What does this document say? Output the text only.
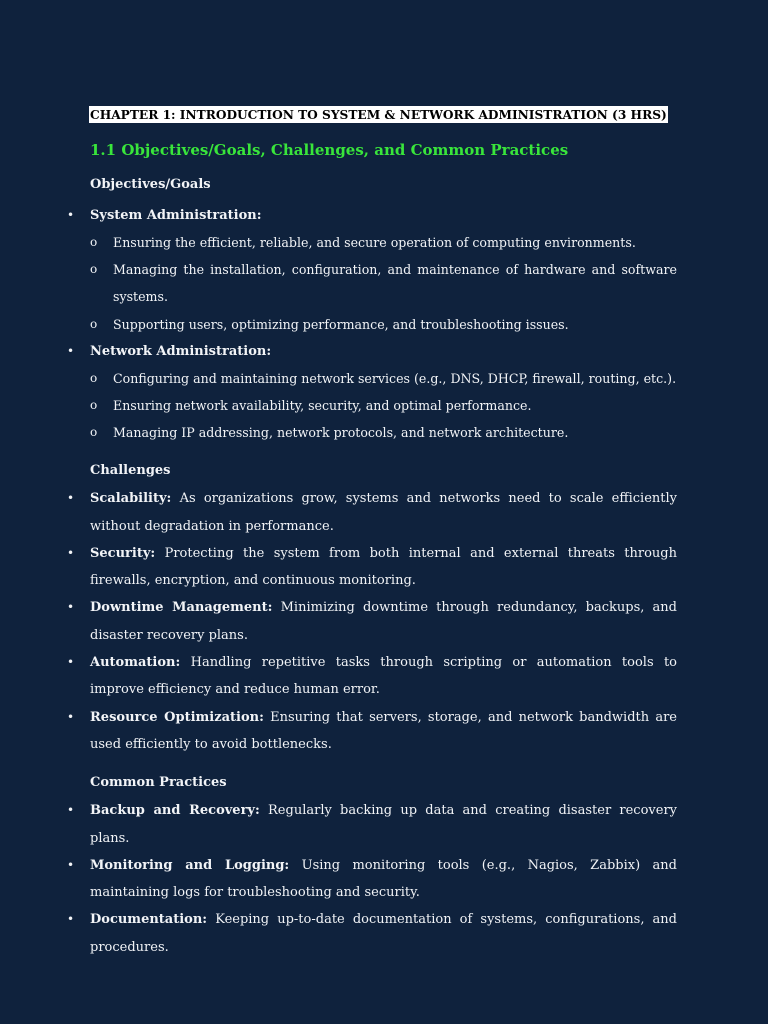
CHAPTER 1: INTRODUCTION TO SYSTEM & NETWORK ADMINISTRATION (3 HRS)
1.1 Objectives/Goals, Challenges, and Common Practices
Objectives/Goals
• System Administration:
o Ensuring the efficient, reliable, and secure operation of computing environments.
o Managing the installation, configuration, and maintenance of hardware and software systems.
o Supporting users, optimizing performance, and troubleshooting issues.
• Network Administration:
o Configuring and maintaining network services (e.g., DNS, DHCP, firewall, routing, etc.).
o Ensuring network availability, security, and optimal performance.
o Managing IP addressing, network protocols, and network architecture.
Challenges
• Scalability: As organizations grow, systems and networks need to scale efficiently without degradation in performance.
• Security: Protecting the system from both internal and external threats through firewalls, encryption, and continuous monitoring.
• Downtime Management: Minimizing downtime through redundancy, backups, and disaster recovery plans.
• Automation: Handling repetitive tasks through scripting or automation tools to improve efficiency and reduce human error.
• Resource Optimization: Ensuring that servers, storage, and network bandwidth are used efficiently to avoid bottlenecks.
Common Practices
• Backup and Recovery: Regularly backing up data and creating disaster recovery plans.
• Monitoring and Logging: Using monitoring tools (e.g., Nagios, Zabbix) and maintaining logs for troubleshooting and security.
• Documentation: Keeping up-to-date documentation of systems, configurations, and procedures.
